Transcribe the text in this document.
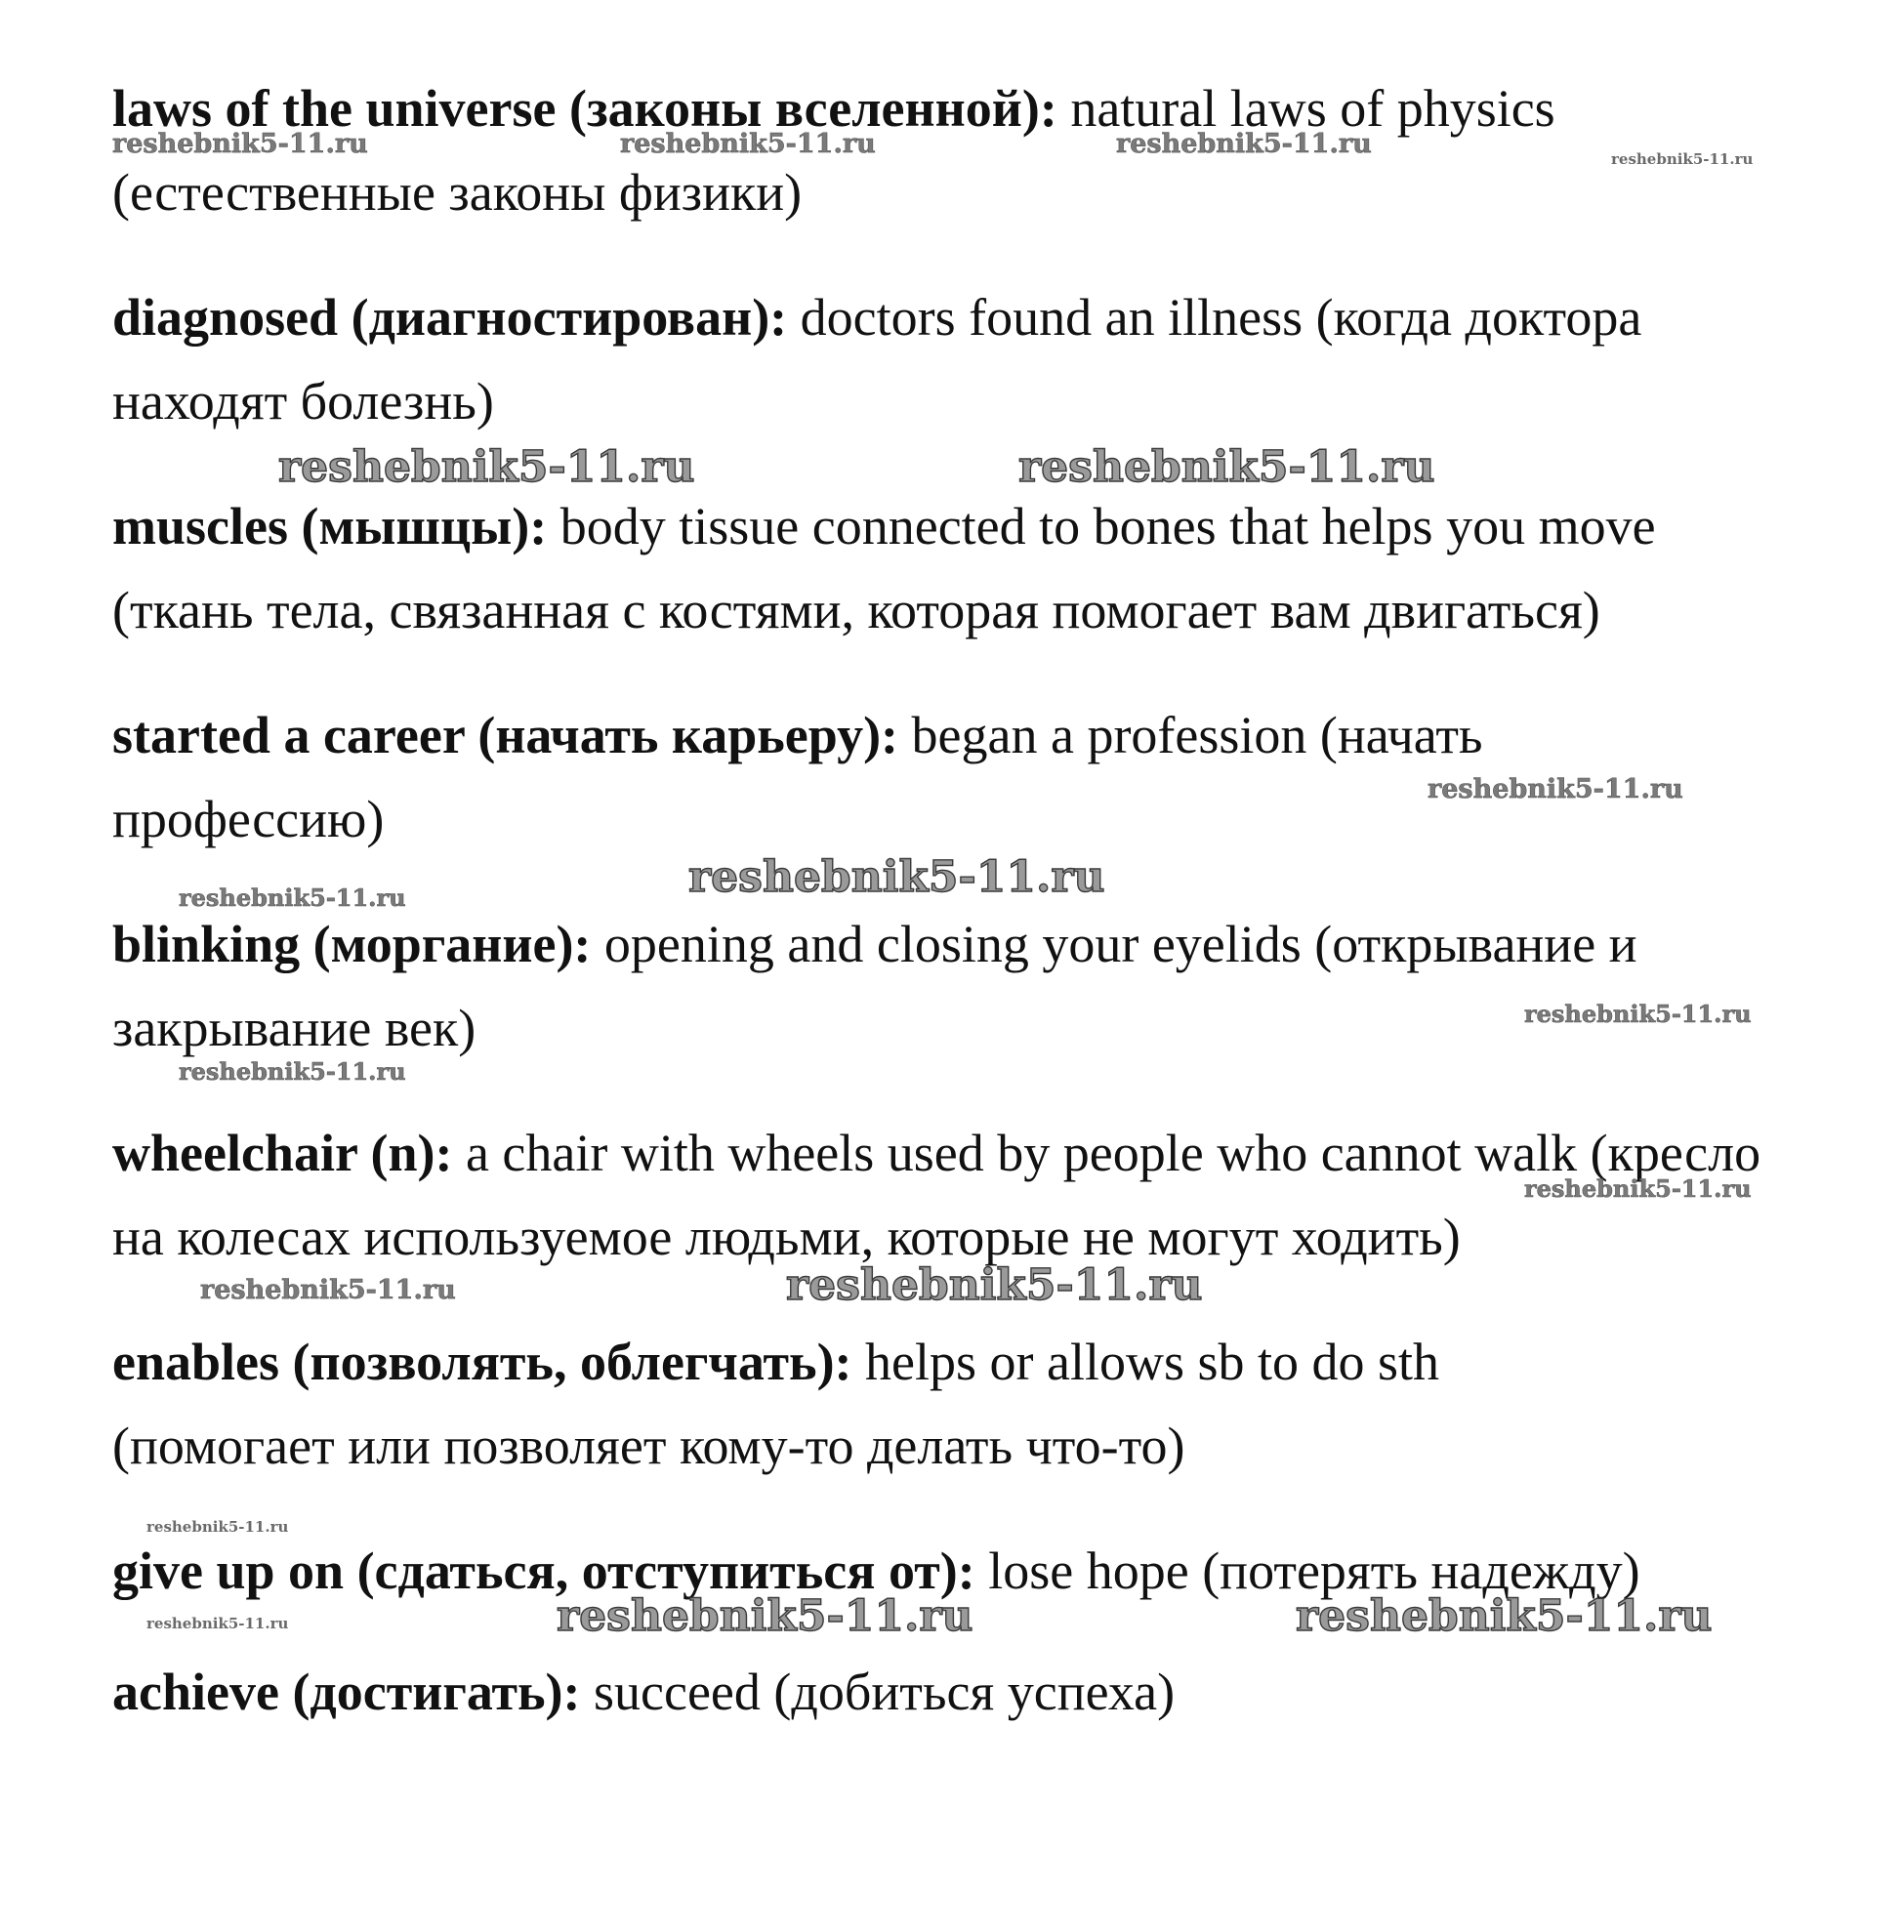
laws of the universe (законы вселенной): natural laws of physics (естественные законы физики)
diagnosed (диагностирован): doctors found an illness (когда доктора находят болезнь)
muscles (мышцы): body tissue connected to bones that helps you move (ткань тела, связанная с костями, которая помогает вам двигаться)
started a career (начать карьеру): began a profession (начать профессию)
blinking (моргание): opening and closing your eyelids (открывание и закрывание век)
wheelchair (n): a chair with wheels used by people who cannot walk (кресло на колесах используемое людьми, которые не могут ходить)
enables (позволять, облегчать): helps or allows sb to do sth (помогает или позволяет кому-то делать что-то)
give up on (сдаться, отступиться от): lose hope (потерять надежду)
achieve (достигать): succeed (добиться успеха)
reshebnik5-11.ru	reshebnik5-11.ru	reshebnik5-11.ru	reshebnik5-11.ru
reshebnik5-11.ru	reshebnik5-11.ru
reshebnik5-11.ru
reshebnik5-11.ru
reshebnik5-11.ru
reshebnik5-11.ru
reshebnik5-11.ru
reshebnik5-11.ru
reshebnik5-11.ru	reshebnik5-11.ru
reshebnik5-11.ru
reshebnik5-11.ru	reshebnik5-11.ru
reshebnik5-11.ru
